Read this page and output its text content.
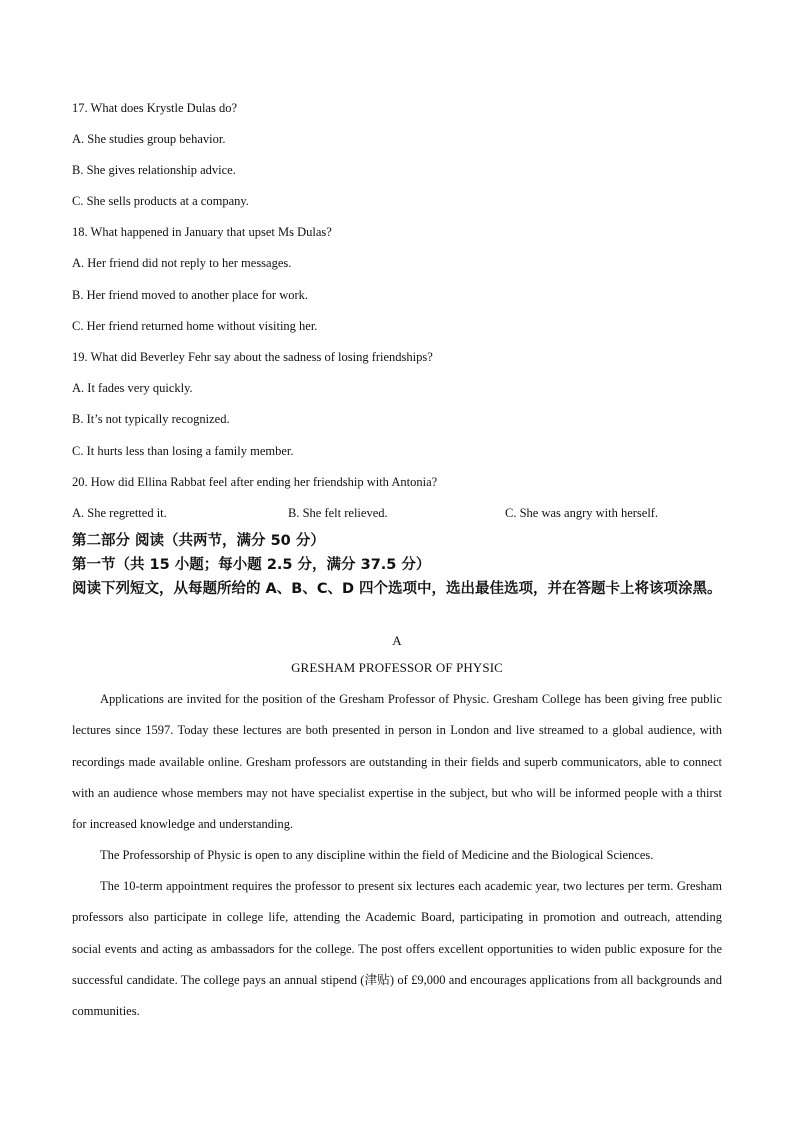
17. What does Krystle Dulas do?
A. She studies group behavior.
B. She gives relationship advice.
C. She sells products at a company.
18. What happened in January that upset Ms Dulas?
A. Her friend did not reply to her messages.
B. Her friend moved to another place for work.
C. Her friend returned home without visiting her.
19. What did Beverley Fehr say about the sadness of losing friendships?
A. It fades very quickly.
B. It’s not typically recognized.
C. It hurts less than losing a family member.
20. How did Ellina Rabbat feel after ending her friendship with Antonia?
A. She regretted it.	B. She felt relieved.	C. She was angry with herself.
第二部分 阅读（共两节，满分 50 分）
第一节（共 15 小题；每小题 2.5 分，满分 37.5 分）
阅读下列短文，从每题所给的 A、B、C、D 四个选项中，选出最佳选项，并在答题卡上将该项涂黑。
A
GRESHAM PROFESSOR OF PHYSIC
Applications are invited for the position of the Gresham Professor of Physic. Gresham College has been giving free public lectures since 1597. Today these lectures are both presented in person in London and live streamed to a global audience, with recordings made available online. Gresham professors are outstanding in their fields and superb communicators, able to connect with an audience whose members may not have specialist expertise in the subject, but who will be informed people with a thirst for increased knowledge and understanding.
The Professorship of Physic is open to any discipline within the field of Medicine and the Biological Sciences.
The 10-term appointment requires the professor to present six lectures each academic year, two lectures per term. Gresham professors also participate in college life, attending the Academic Board, participating in promotion and outreach, attending social events and acting as ambassadors for the college. The post offers excellent opportunities to widen public exposure for the successful candidate. The college pays an annual stipend (津贴) of £9,000 and encourages applications from all backgrounds and communities.
